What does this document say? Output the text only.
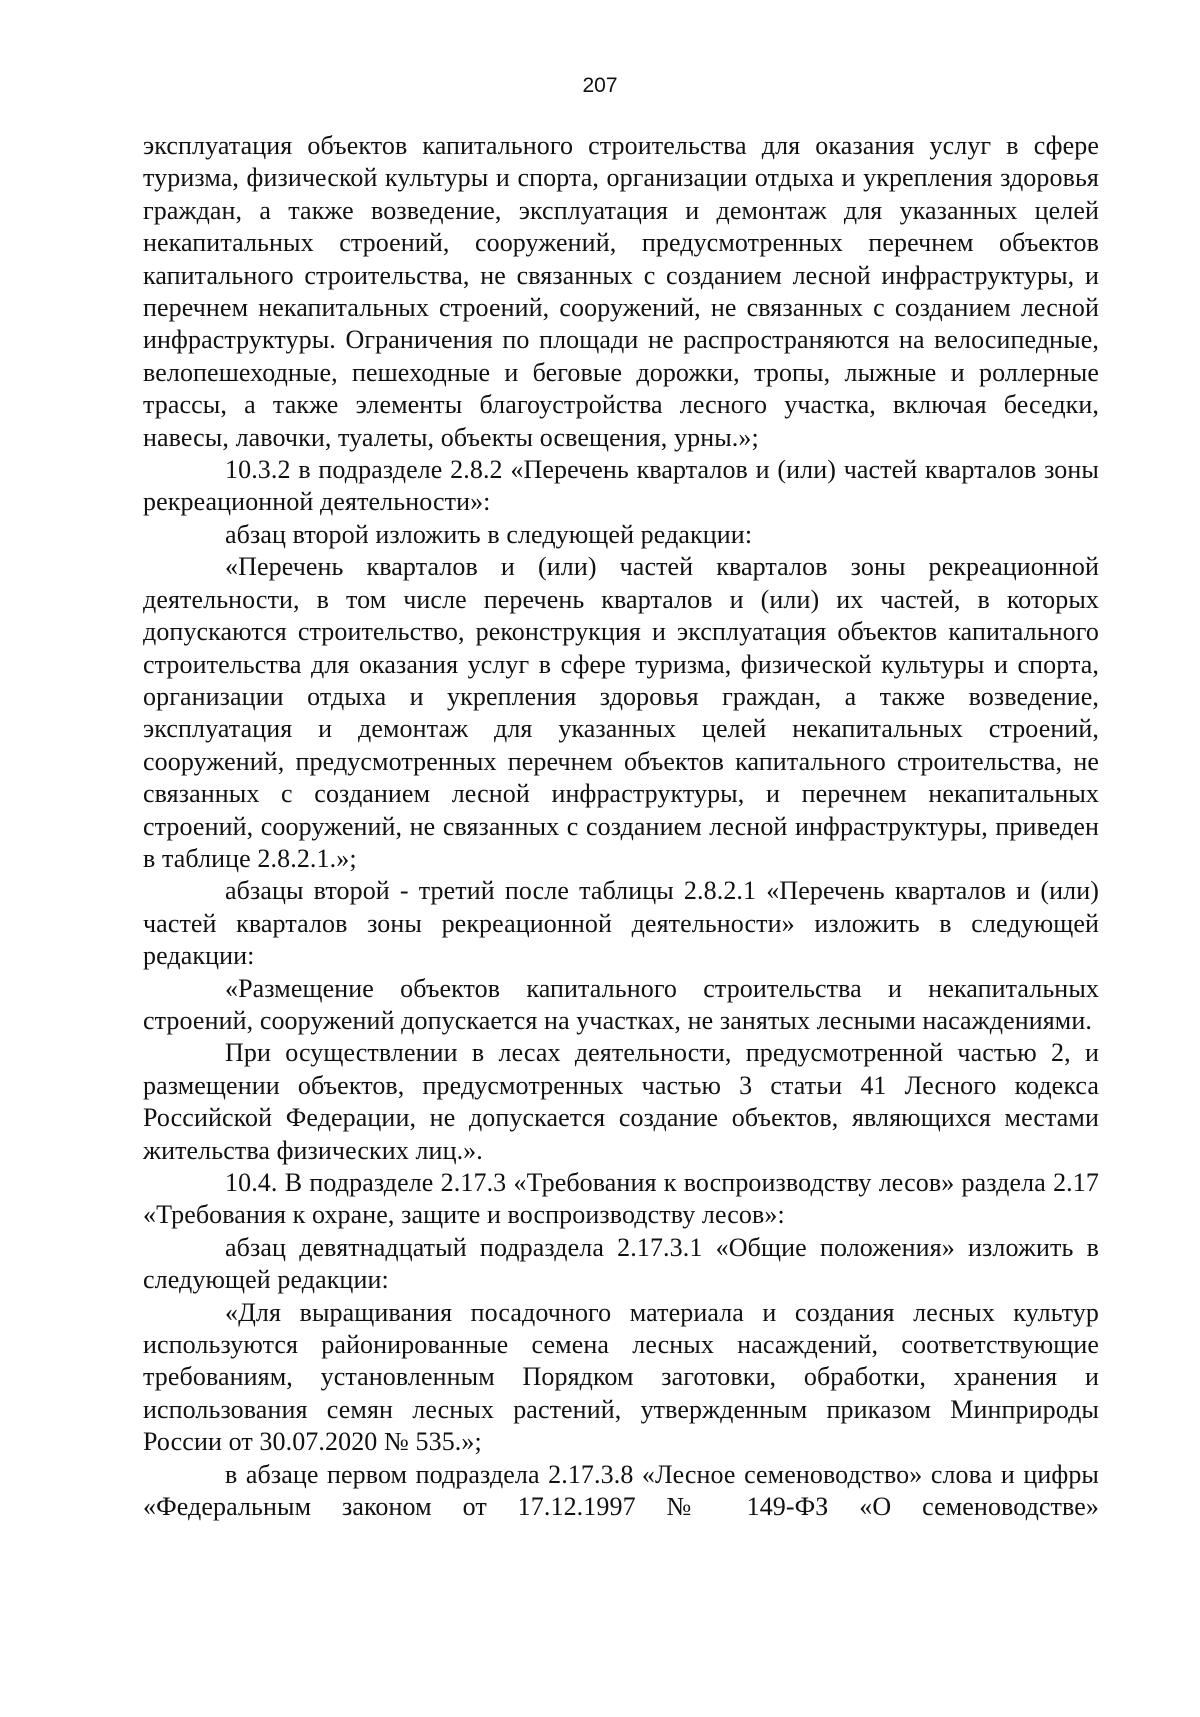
207

эксплуатация объектов капитального строительства для оказания услуг в сфере туризма, физической культуры и спорта, организации отдыха и укрепления здоровья граждан, а также возведение, эксплуатация и демонтаж для указанных целей некапитальных строений, сооружений, предусмотренных перечнем объектов капитального строительства, не связанных с созданием лесной инфраструктуры, и перечнем некапитальных строений, сооружений, не связанных с созданием лесной инфраструктуры. Ограничения по площади не распространяются на велосипедные, велопешеходные, пешеходные и беговые дорожки, тропы, лыжные и роллерные трассы, а также элементы благоустройства лесного участка, включая беседки, навесы, лавочки, туалеты, объекты освещения, урны.»;

10.3.2 в подразделе 2.8.2 «Перечень кварталов и (или) частей кварталов зоны рекреационной деятельности»:

абзац второй изложить в следующей редакции:

«Перечень кварталов и (или) частей кварталов зоны рекреационной деятельности, в том числе перечень кварталов и (или) их частей, в которых допускаются строительство, реконструкция и эксплуатация объектов капитального строительства для оказания услуг в сфере туризма, физической культуры и спорта, организации отдыха и укрепления здоровья граждан, а также возведение, эксплуатация и демонтаж для указанных целей некапитальных строений, сооружений, предусмотренных перечнем объектов капитального строительства, не связанных с созданием лесной инфраструктуры, и перечнем некапитальных строений, сооружений, не связанных с созданием лесной инфраструктуры, приведен в таблице 2.8.2.1.»;

абзацы второй - третий после таблицы 2.8.2.1 «Перечень кварталов и (или) частей кварталов зоны рекреационной деятельности» изложить в следующей редакции:

«Размещение объектов капитального строительства и некапитальных строений, сооружений допускается на участках, не занятых лесными насаждениями.

При осуществлении в лесах деятельности, предусмотренной частью 2, и размещении объектов, предусмотренных частью 3 статьи 41 Лесного кодекса Российской Федерации, не допускается создание объектов, являющихся местами жительства физических лиц.».

10.4. В подразделе 2.17.3 «Требования к воспроизводству лесов» раздела 2.17 «Требования к охране, защите и воспроизводству лесов»:

абзац девятнадцатый подраздела 2.17.3.1 «Общие положения» изложить в следующей редакции:

«Для выращивания посадочного материала и создания лесных культур используются районированные семена лесных насаждений, соответствующие требованиям, установленным Порядком заготовки, обработки, хранения и использования семян лесных растений, утвержденным приказом Минприроды России от 30.07.2020 № 535.»;

в абзаце первом подраздела 2.17.3.8 «Лесное семеноводство» слова и цифры «Федеральным законом от 17.12.1997 № 149-ФЗ «О семеноводстве»
